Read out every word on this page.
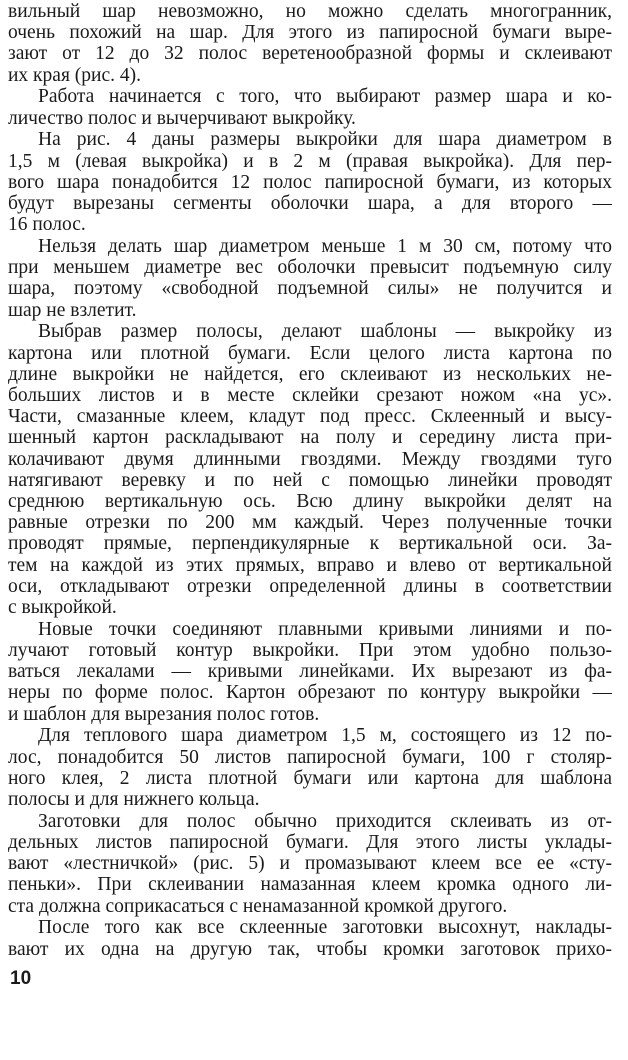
вильный шар невозможно, но можно сделать многогранник,
очень похожий на шар. Для этого из папиросной бумаги выре-
зают от 12 до 32 полос веретенообразной формы и склеивают
их края (рис. 4).
Работа начинается с того, что выбирают размер шара и ко-
личество полос и вычерчивают выкройку.
На рис. 4 даны размеры выкройки для шара диаметром в
1,5 м (левая выкройка) и в 2 м (правая выкройка). Для пер-
вого шара понадобится 12 полос папиросной бумаги, из которых
будут вырезаны сегменты оболочки шара, а для второго —
16 полос.
Нельзя делать шар диаметром меньше 1 м 30 см, потому что
при меньшем диаметре вес оболочки превысит подъемную силу
шара, поэтому «свободной подъемной силы» не получится и
шар не взлетит.
Выбрав размер полосы, делают шаблоны — выкройку из
картона или плотной бумаги. Если целого листа картона по
длине выкройки не найдется, его склеивают из нескольких не-
больших листов и в месте склейки срезают ножом «на ус».
Части, смазанные клеем, кладут под пресс. Склеенный и высу-
шенный картон раскладывают на полу и середину листа при-
колачивают двумя длинными гвоздями. Между гвоздями туго
натягивают веревку и по ней с помощью линейки проводят
среднюю вертикальную ось. Всю длину выкройки делят на
равные отрезки по 200 мм каждый. Через полученные точки
проводят прямые, перпендикулярные к вертикальной оси. За-
тем на каждой из этих прямых, вправо и влево от вертикальной
оси, откладывают отрезки определенной длины в соответствии
с выкройкой.
Новые точки соединяют плавными кривыми линиями и по-
лучают готовый контур выкройки. При этом удобно пользо-
ваться лекалами — кривыми линейками. Их вырезают из фа-
неры по форме полос. Картон обрезают по контуру выкройки —
и шаблон для вырезания полос готов.
Для теплового шара диаметром 1,5 м, состоящего из 12 по-
лос, понадобится 50 листов папиросной бумаги, 100 г столяр-
ного клея, 2 листа плотной бумаги или картона для шаблона
полосы и для нижнего кольца.
Заготовки для полос обычно приходится склеивать из от-
дельных листов папиросной бумаги. Для этого листы уклады-
вают «лестничкой» (рис. 5) и промазывают клеем все ее «сту-
пеньки». При склеивании намазанная клеем кромка одного ли-
ста должна соприкасаться с ненамазанной кромкой другого.
После того как все склеенные заготовки высохнут, наклады-
вают их одна на другую так, чтобы кромки заготовок прихо-
10
